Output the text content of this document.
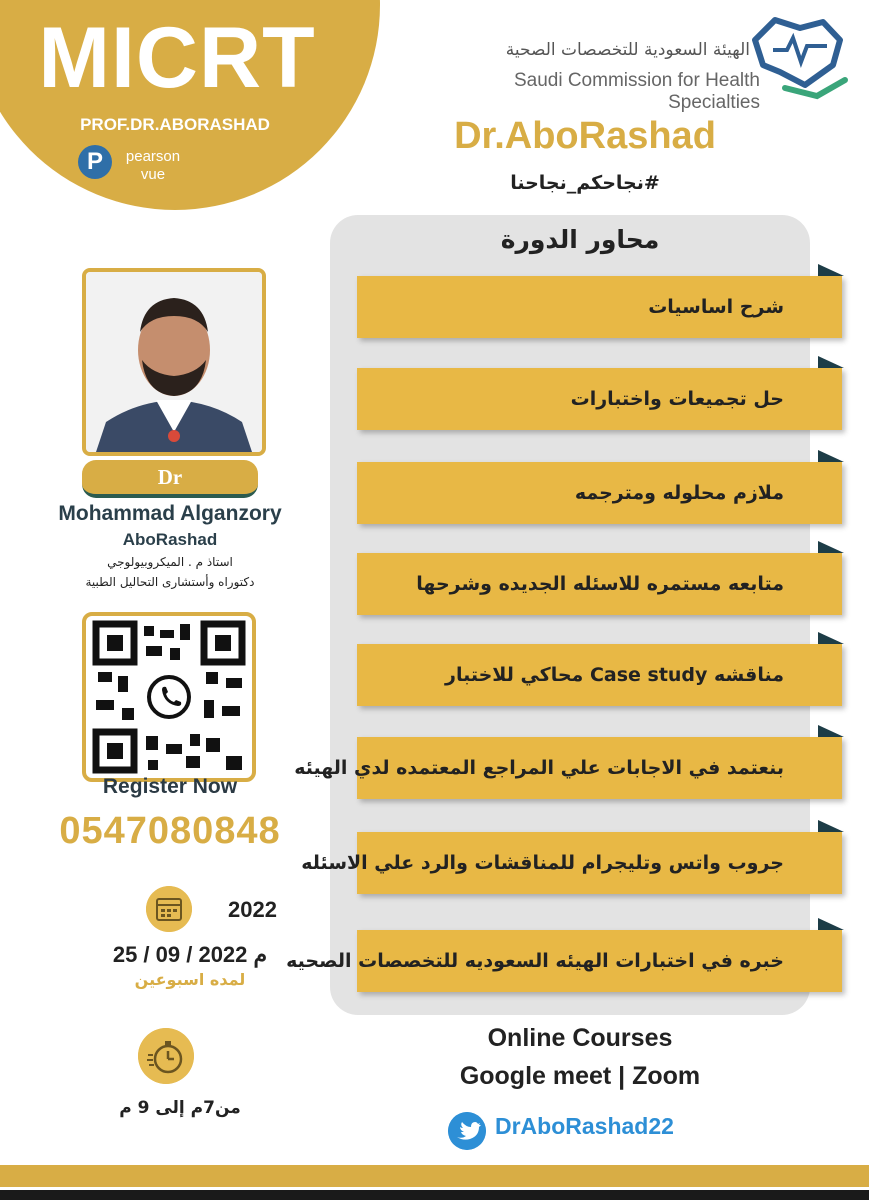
MICRT
PROF.DR.ABORASHAD
P	pearson
vue
الهيئة السعودية للتخصصات الصحية
Saudi Commission for Health Specialties
Dr.AboRashad
نجاحكم_نجاحنا#
محاور الدورة
شرح اساسيات
حل تجميعات واختبارات
ملازم محلوله ومترجمه
متابعه مستمره للاسئله الجديده وشرحها
مناقشه Case study محاكي للاختبار
بنعتمد في الاجابات علي المراجع المعتمده لدي الهيئه
جروب واتس وتليجرام للمناقشات والرد علي الاسئله
خبره في اختبارات الهيئه السعوديه للتخصصات الصحيه
Dr
Mohammad Alganzory
AboRashad
استاذ م . الميكروبيولوجي
دكتوراه وأستشارى التحاليل الطبية
Register Now
0547080848
2022
25 / 09 / 2022 م
لمده اسبوعين
من7م إلى 9 م
Online Courses
Google meet | Zoom
DrAboRashad22
